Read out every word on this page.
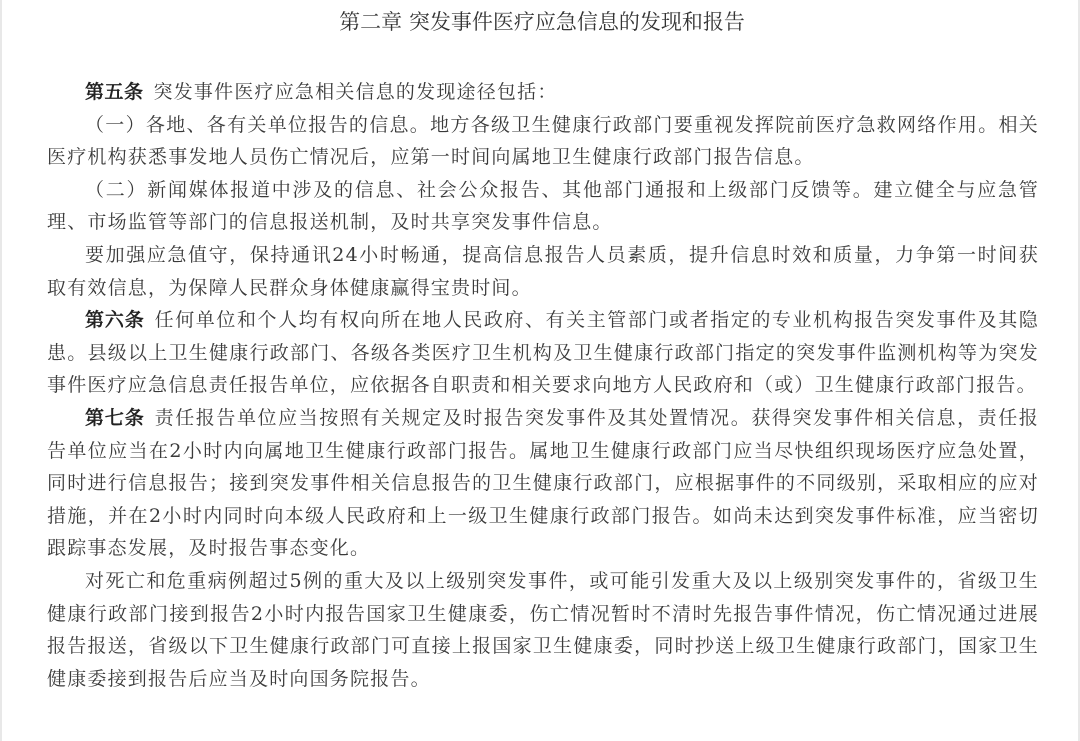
第二章 突发事件医疗应急信息的发现和报告

第五条 突发事件医疗应急相关信息的发现途径包括：

（一）各地、各有关单位报告的信息。地方各级卫生健康行政部门要重视发挥院前医疗急救网络作用。相关医疗机构获悉事发地人员伤亡情况后，应第一时间向属地卫生健康行政部门报告信息。

（二）新闻媒体报道中涉及的信息、社会公众报告、其他部门通报和上级部门反馈等。建立健全与应急管理、市场监管等部门的信息报送机制，及时共享突发事件信息。

要加强应急值守，保持通讯24小时畅通，提高信息报告人员素质，提升信息时效和质量，力争第一时间获取有效信息，为保障人民群众身体健康赢得宝贵时间。

第六条 任何单位和个人均有权向所在地人民政府、有关主管部门或者指定的专业机构报告突发事件及其隐患。县级以上卫生健康行政部门、各级各类医疗卫生机构及卫生健康行政部门指定的突发事件监测机构等为突发事件医疗应急信息责任报告单位，应依据各自职责和相关要求向地方人民政府和（或）卫生健康行政部门报告。

第七条 责任报告单位应当按照有关规定及时报告突发事件及其处置情况。获得突发事件相关信息，责任报告单位应当在2小时内向属地卫生健康行政部门报告。属地卫生健康行政部门应当尽快组织现场医疗应急处置，同时进行信息报告；接到突发事件相关信息报告的卫生健康行政部门，应根据事件的不同级别，采取相应的应对措施，并在2小时内同时向本级人民政府和上一级卫生健康行政部门报告。如尚未达到突发事件标准，应当密切跟踪事态发展，及时报告事态变化。

对死亡和危重病例超过5例的重大及以上级别突发事件，或可能引发重大及以上级别突发事件的，省级卫生健康行政部门接到报告2小时内报告国家卫生健康委，伤亡情况暂时不清时先报告事件情况，伤亡情况通过进展报告报送，省级以下卫生健康行政部门可直接上报国家卫生健康委，同时抄送上级卫生健康行政部门，国家卫生健康委接到报告后应当及时向国务院报告。
